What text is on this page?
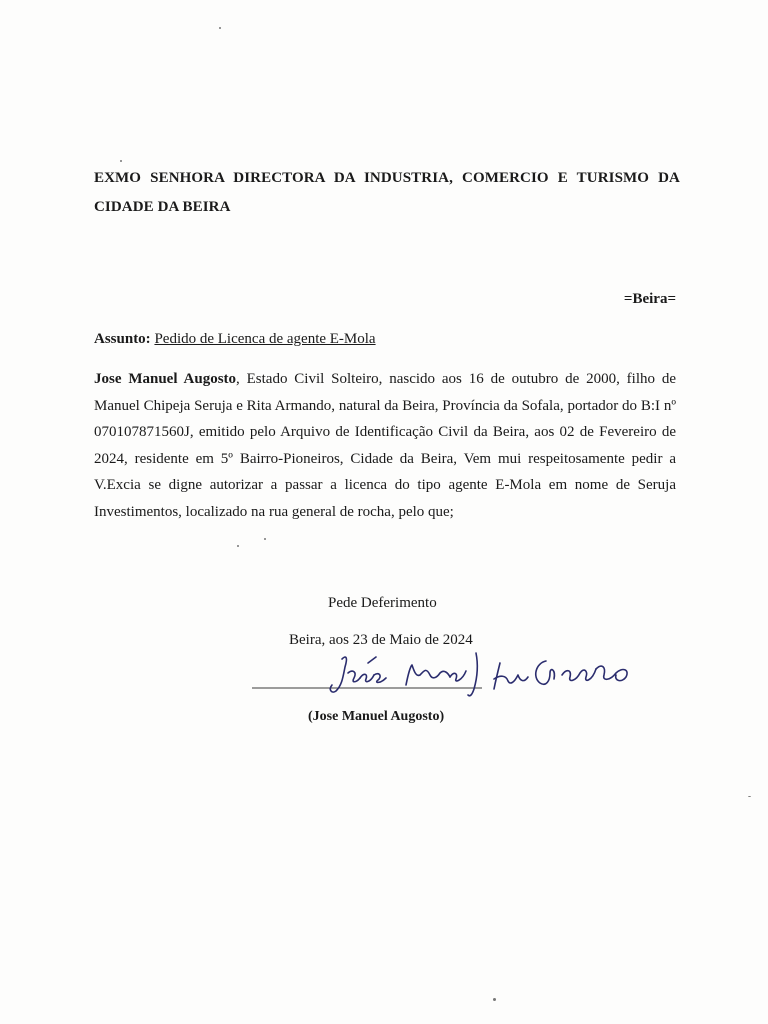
EXMO SENHORA DIRECTORA DA INDUSTRIA, COMERCIO E TURISMO DA CIDADE DA BEIRA
=Beira=
Assunto: Pedido de Licenca de agente E-Mola
Jose Manuel Augosto, Estado Civil Solteiro, nascido aos 16 de outubro de 2000, filho de Manuel Chipeja Seruja e Rita Armando, natural da Beira, Província da Sofala, portador do B:I nº 070107871560J, emitido pelo Arquivo de Identificação Civil da Beira, aos 02 de Fevereiro de 2024, residente em 5º Bairro-Pioneiros, Cidade da Beira, Vem mui respeitosamente pedir a V.Excia se digne autorizar a passar a licenca do tipo agente E-Mola em nome de Seruja Investimentos, localizado na rua general de rocha, pelo que;
Pede Deferimento
Beira, aos 23 de Maio de 2024
(Jose Manuel Augosto)
